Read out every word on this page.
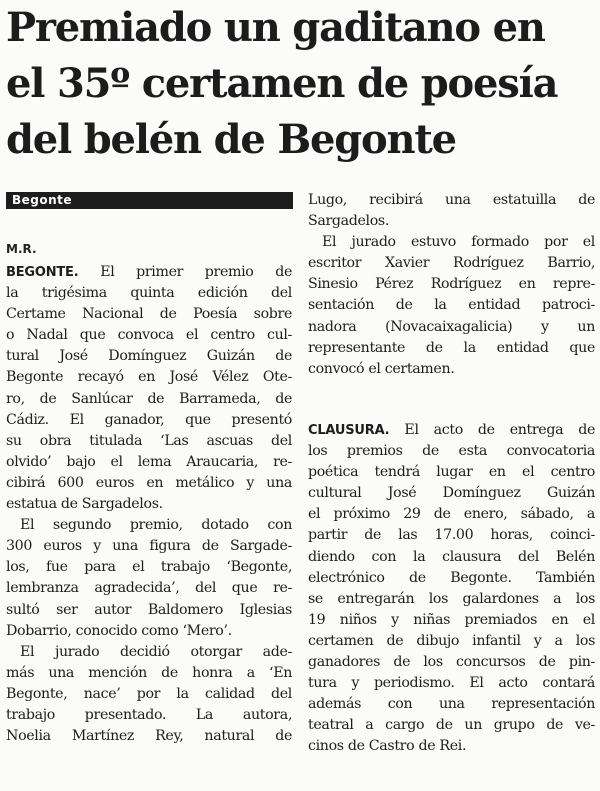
Premiado un gaditano en
el 35º certamen de poesía
del belén de Begonte
Begonte
M.R.
BEGONTE. El primer premio de
la trigésima quinta edición del
Certame Nacional de Poesía sobre
o Nadal que convoca el centro cul-
tural José Domínguez Guizán de
Begonte recayó en José Vélez Ote-
ro, de Sanlúcar de Barrameda, de
Cádiz. El ganador, que presentó
su obra titulada ‘Las ascuas del
olvido’ bajo el lema Araucaria, re-
cibirá 600 euros en metálico y una
estatua de Sargadelos.
El segundo premio, dotado con
300 euros y una figura de Sargade-
los, fue para el trabajo ‘Begonte,
lembranza agradecida’, del que re-
sultó ser autor Baldomero Iglesias
Dobarrio, conocido como ‘Mero’.
El jurado decidió otorgar ade-
más una mención de honra a ‘En
Begonte, nace’ por la calidad del
trabajo presentado. La autora,
Noelia Martínez Rey, natural de
Lugo, recibirá una estatuilla de
Sargadelos.
El jurado estuvo formado por el
escritor Xavier Rodríguez Barrio,
Sinesio Pérez Rodríguez en repre-
sentación de la entidad patroci-
nadora (Novacaixagalicia) y un
representante de la entidad que
convocó el certamen.
CLAUSURA. El acto de entrega de
los premios de esta convocatoria
poética tendrá lugar en el centro
cultural José Domínguez Guizán
el próximo 29 de enero, sábado, a
partir de las 17.00 horas, coinci-
diendo con la clausura del Belén
electrónico de Begonte. También
se entregarán los galardones a los
19 niños y niñas premiados en el
certamen de dibujo infantil y a los
ganadores de los concursos de pin-
tura y periodismo. El acto contará
además con una representación
teatral a cargo de un grupo de ve-
cinos de Castro de Rei.
